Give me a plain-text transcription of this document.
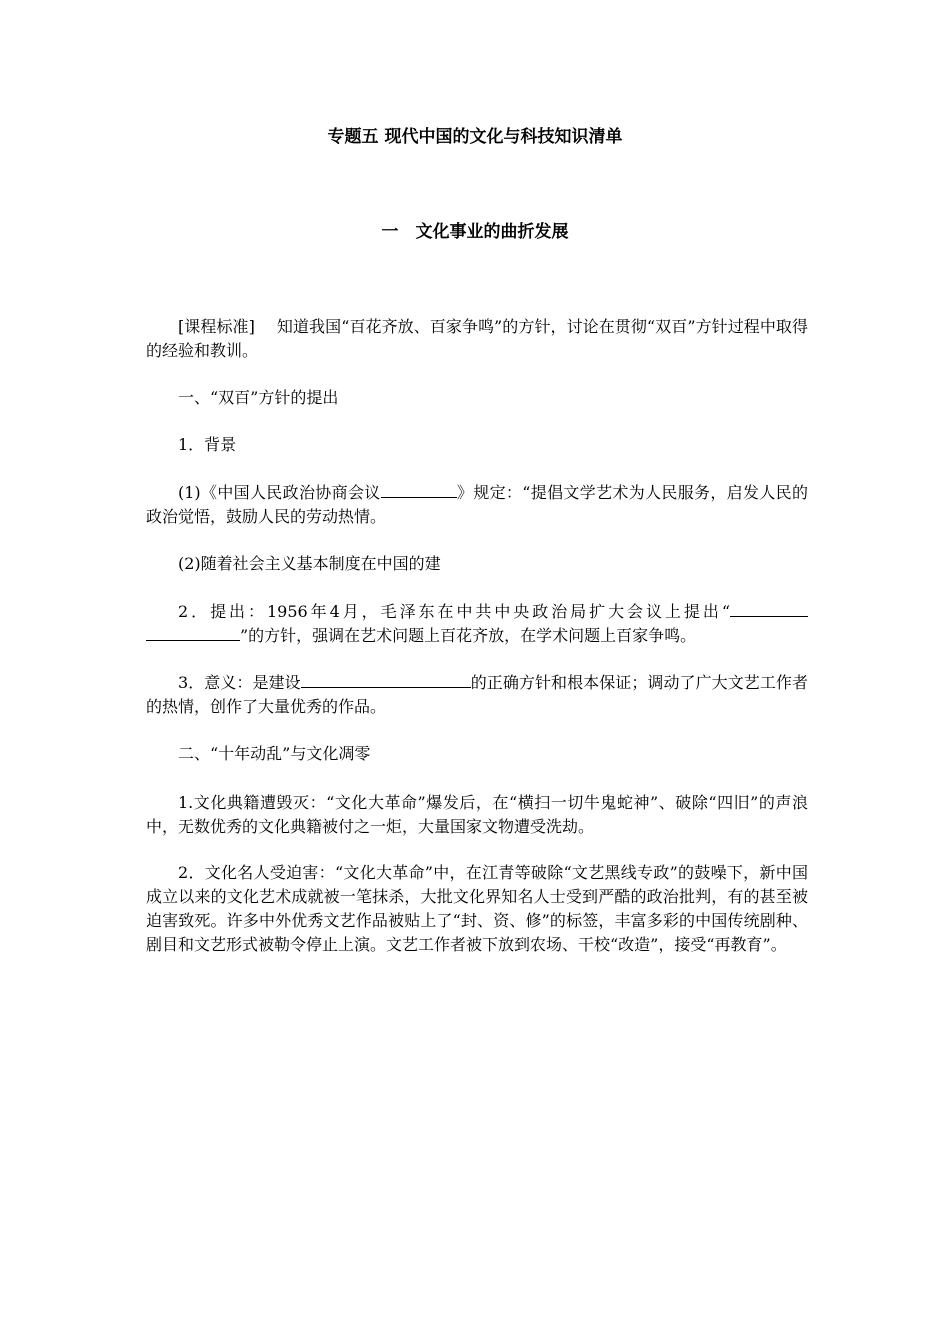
专题五 现代中国的文化与科技知识清单
一　文化事业的曲折发展

[课程标准] 知道我国“百花齐放、百家争鸣”的方针，讨论在贯彻“双百”方针过程中取得的经验和教训。

一、“双百”方针的提出

1．背景

(1)《中国人民政治协商会议	》规定：“提倡文学艺术为人民服务，启发人民的政治觉悟，鼓励人民的劳动热情。

(2)随着社会主义基本制度在中国的建

2．提出：1956年4月，毛泽东在中共中央政治局扩大会议上提出“”的方针，强调在艺术问题上百花齐放，在学术问题上百家争鸣。

3．意义：是建设	的正确方针和根本保证；调动了广大文艺工作者的热情，创作了大量优秀的作品。

二、“十年动乱”与文化凋零

1.文化典籍遭毁灭：“文化大革命”爆发后，在“横扫一切牛鬼蛇神”、破除“四旧”的声浪中，无数优秀的文化典籍被付之一炬，大量国家文物遭受洗劫。

2．文化名人受迫害：“文化大革命”中，在江青等破除“文艺黑线专政”的鼓噪下，新中国成立以来的文化艺术成就被一笔抹杀，大批文化界知名人士受到严酷的政治批判，有的甚至被迫害致死。许多中外优秀文艺作品被贴上了“封、资、修”的标签，丰富多彩的中国传统剧种、剧目和文艺形式被勒令停止上演。文艺工作者被下放到农场、干校“改造”，接受“再教育”。
